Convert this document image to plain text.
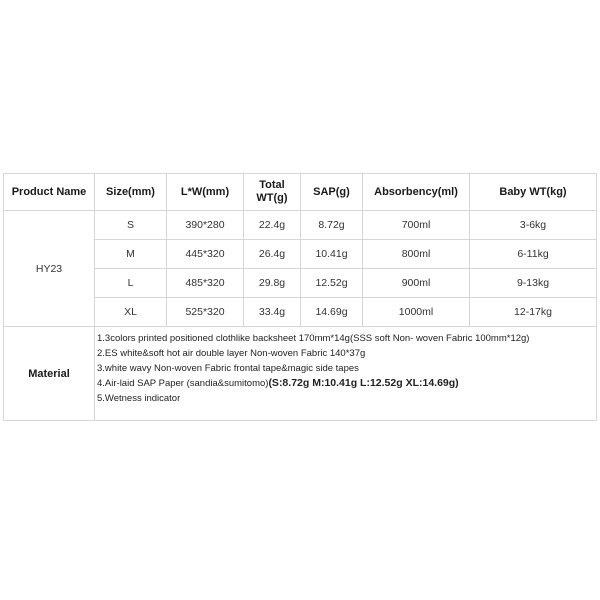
Product Name	Size(mm)	L*W(mm)	Total
WT(g)	SAP(g)	Absorbency(ml)	Baby WT(kg)
HY23	S	390*280	22.4g	8.72g	700ml	3-6kg
	M	445*320	26.4g	10.41g	800ml	6-11kg
	L	485*320	29.8g	12.52g	900ml	9-13kg
	XL	525*320	33.4g	14.69g	1000ml	12-17kg
Material	1.3colors printed positioned clothlike backsheet 170mm*14g(SSS soft Non- woven Fabric 100mm*12g)
2.ES white&soft hot air double layer Non-woven Fabric 140*37g
3.white wavy Non-woven Fabric frontal tape&magic side tapes
4.Air-laid SAP Paper (sandia&sumitomo)(S:8.72g M:10.41g L:12.52g XL:14.69g)
5.Wetness indicator					
